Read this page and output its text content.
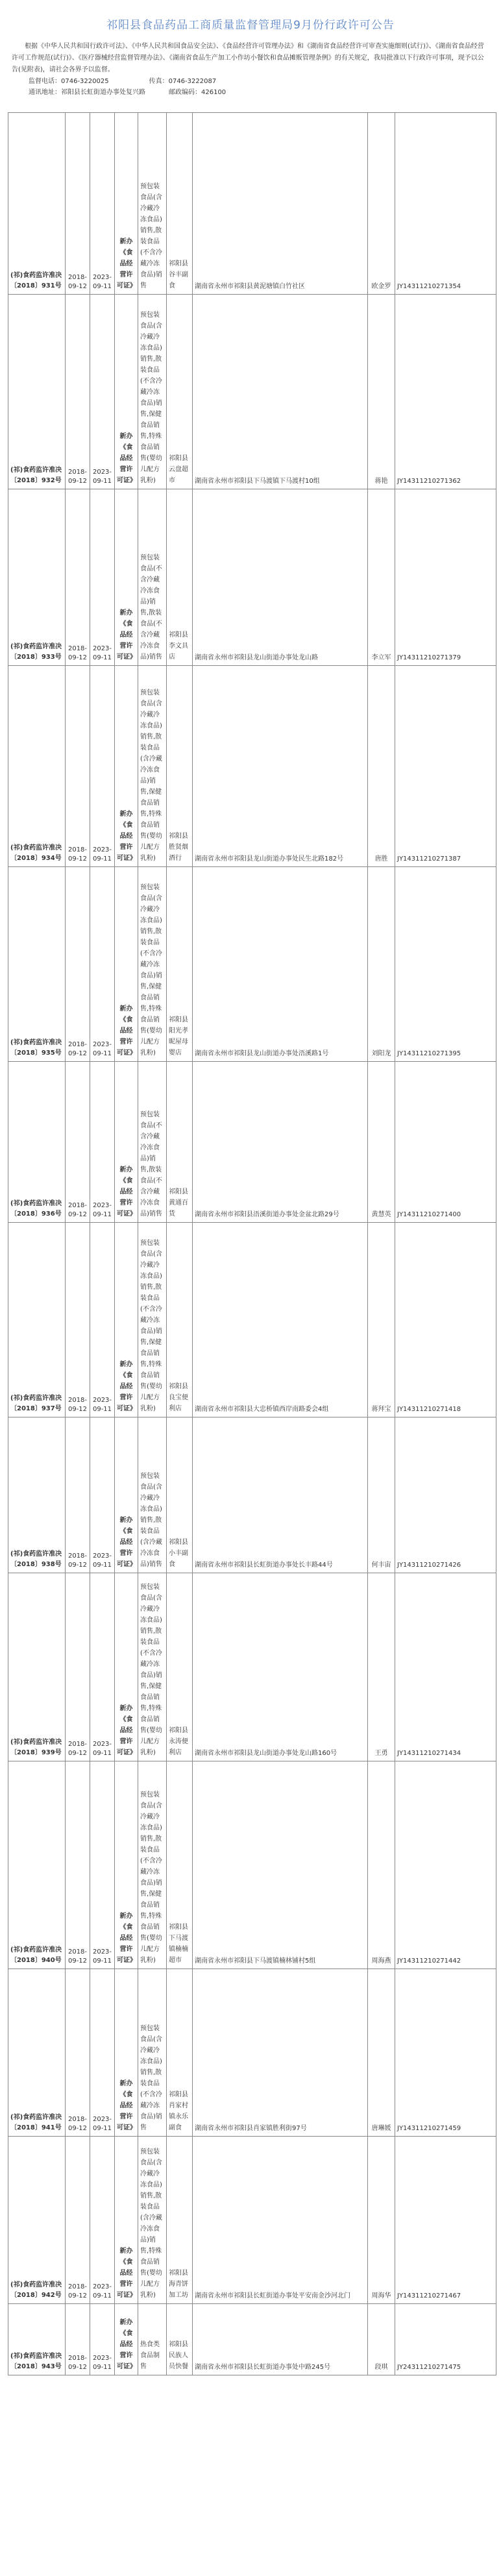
祁阳县食品药品工商质量监督管理局9月份行政许可公告

根据《中华人民共和国行政许可法》、《中华人民共和国食品安全法》、《食品经营许可管理办法》和《湖南省食品经营许可审查实施细则(试行)》、《湖南省食品经营许可工作规范(试行)》、《医疗器械经营监督管理办法》、《湖南省食品生产加工小作坊小餐饮和食品摊贩管理条例》的有关规定，我局批准以下行政许可事项，现予以公告(见附表)，请社会各界予以监督。

监督电话：0746-3220025	传真：0746-3222087
通讯地址：祁阳县长虹街道办事处复兴路	邮政编码：426100
(祁)食药监许准决〔2018〕931号	2018-09-12	2023-09-11	新办《食品经营许可证》	预包装食品(含冷藏冷冻食品)销售,散装食品(不含冷藏冷冻食品)销售	祁阳县谷丰副食	湖南省永州市祁阳县黄泥塘镇白竹社区	欧金罗	JY14311210271354
(祁)食药监许准决〔2018〕932号	2018-09-12	2023-09-11	新办《食品经营许可证》	预包装食品(含冷藏冷冻食品)销售,散装食品(不含冷藏冷冻食品)销售,保健食品销售,特殊食品销售(婴幼儿配方乳粉)	祁阳县云盘超市	湖南省永州市祁阳县下马渡镇下马渡村10组	蒋艳	JY14311210271362
(祁)食药监许准决〔2018〕933号	2018-09-12	2023-09-11	新办《食品经营许可证》	预包装食品(不含冷藏冷冻食品)销售,散装食品(不含冷藏冷冻食品)销售	祁阳县李文具店	湖南省永州市祁阳县龙山街道办事处龙山路	李立军	JY14311210271379
(祁)食药监许准决〔2018〕934号	2018-09-12	2023-09-11	新办《食品经营许可证》	预包装食品(含冷藏冷冻食品)销售,散装食品(含冷藏冷冻食品)销售,保健食品销售,特殊食品销售(婴幼儿配方乳粉)	祁阳县胜贤烟酒行	湖南省永州市祁阳县龙山街道办事处民生北路182号	唐胜	JY14311210271387
(祁)食药监许准决〔2018〕935号	2018-09-12	2023-09-11	新办《食品经营许可证》	预包装食品(含冷藏冷冻食品)销售,散装食品(不含冷藏冷冻食品)销售,保健食品销售,特殊食品销售(婴幼儿配方乳粉)	祁阳县阳光孝昵屋母婴店	湖南省永州市祁阳县龙山街道办事处浯溪路1号	刘阳龙	JY14311210271395
(祁)食药监许准决〔2018〕936号	2018-09-12	2023-09-11	新办《食品经营许可证》	预包装食品(不含冷藏冷冻食品)销售,散装食品(不含冷藏冷冻食品)销售	祁阳县黄通百货	湖南省永州市祁阳县浯溪街道办事处金盆北路29号	黄慧英	JY14311210271400
(祁)食药监许准决〔2018〕937号	2018-09-12	2023-09-11	新办《食品经营许可证》	预包装食品(含冷藏冷冻食品)销售,散装食品(不含冷藏冷冻食品)销售,保健食品销售,特殊食品销售(婴幼儿配方乳粉)	祁阳县良宝便利店	湖南省永州市祁阳县大忠桥镇西岸南路委会4组	蒋拜宝	JY14311210271418
(祁)食药监许准决〔2018〕938号	2018-09-12	2023-09-11	新办《食品经营许可证》	预包装食品(含冷藏冷冻食品)销售,散装食品(含冷藏冷冻食品)销售	祁阳县小丰副食	湖南省永州市祁阳县长虹街道办事处长丰路44号	何丰宙	JY14311210271426
(祁)食药监许准决〔2018〕939号	2018-09-12	2023-09-11	新办《食品经营许可证》	预包装食品(含冷藏冷冻食品)销售,散装食品(不含冷藏冷冻食品)销售,保健食品销售,特殊食品销售(婴幼儿配方乳粉)	祁阳县永涛便利店	湖南省永州市祁阳县龙山街道办事处龙山路160号	王勇	JY14311210271434
(祁)食药监许准决〔2018〕940号	2018-09-12	2023-09-11	新办《食品经营许可证》	预包装食品(含冷藏冷冻食品)销售,散装食品(不含冷藏冷冻食品)销售,保健食品销售,特殊食品销售(婴幼儿配方乳粉)	祁阳县下马渡镇楠楠超市	湖南省永州市祁阳县下马渡镇楠林铺村5组	周海燕	JY14311210271442
(祁)食药监许准决〔2018〕941号	2018-09-12	2023-09-11	新办《食品经营许可证》	预包装食品(含冷藏冷冻食品)销售,散装食品(不含冷藏冷冻食品)销售	祁阳县肖家村镇永乐副食	湖南省永州市祁阳县肖家镇胜利街97号	唐琳媛	JY14311210271459
(祁)食药监许准决〔2018〕942号	2018-09-12	2023-09-11	新办《食品经营许可证》	预包装食品(含冷藏冷冻食品)销售,散装食品(含冷藏冷冻食品)销售,特殊食品销售(婴幼儿配方乳粉)	祁阳县海青饼加工坊	湖南省永州市祁阳县长虹街道办事处平安南金沙河北门	周海华	JY14311210271467
(祁)食药监许准决〔2018〕943号	2018-09-12	2023-09-11	新办《食品经营许可证》	热食类食品制售	祁阳县民族人员快餐	湖南省永州市祁阳县长虹街道办事处中路245号	段琪	JY24311210271475
